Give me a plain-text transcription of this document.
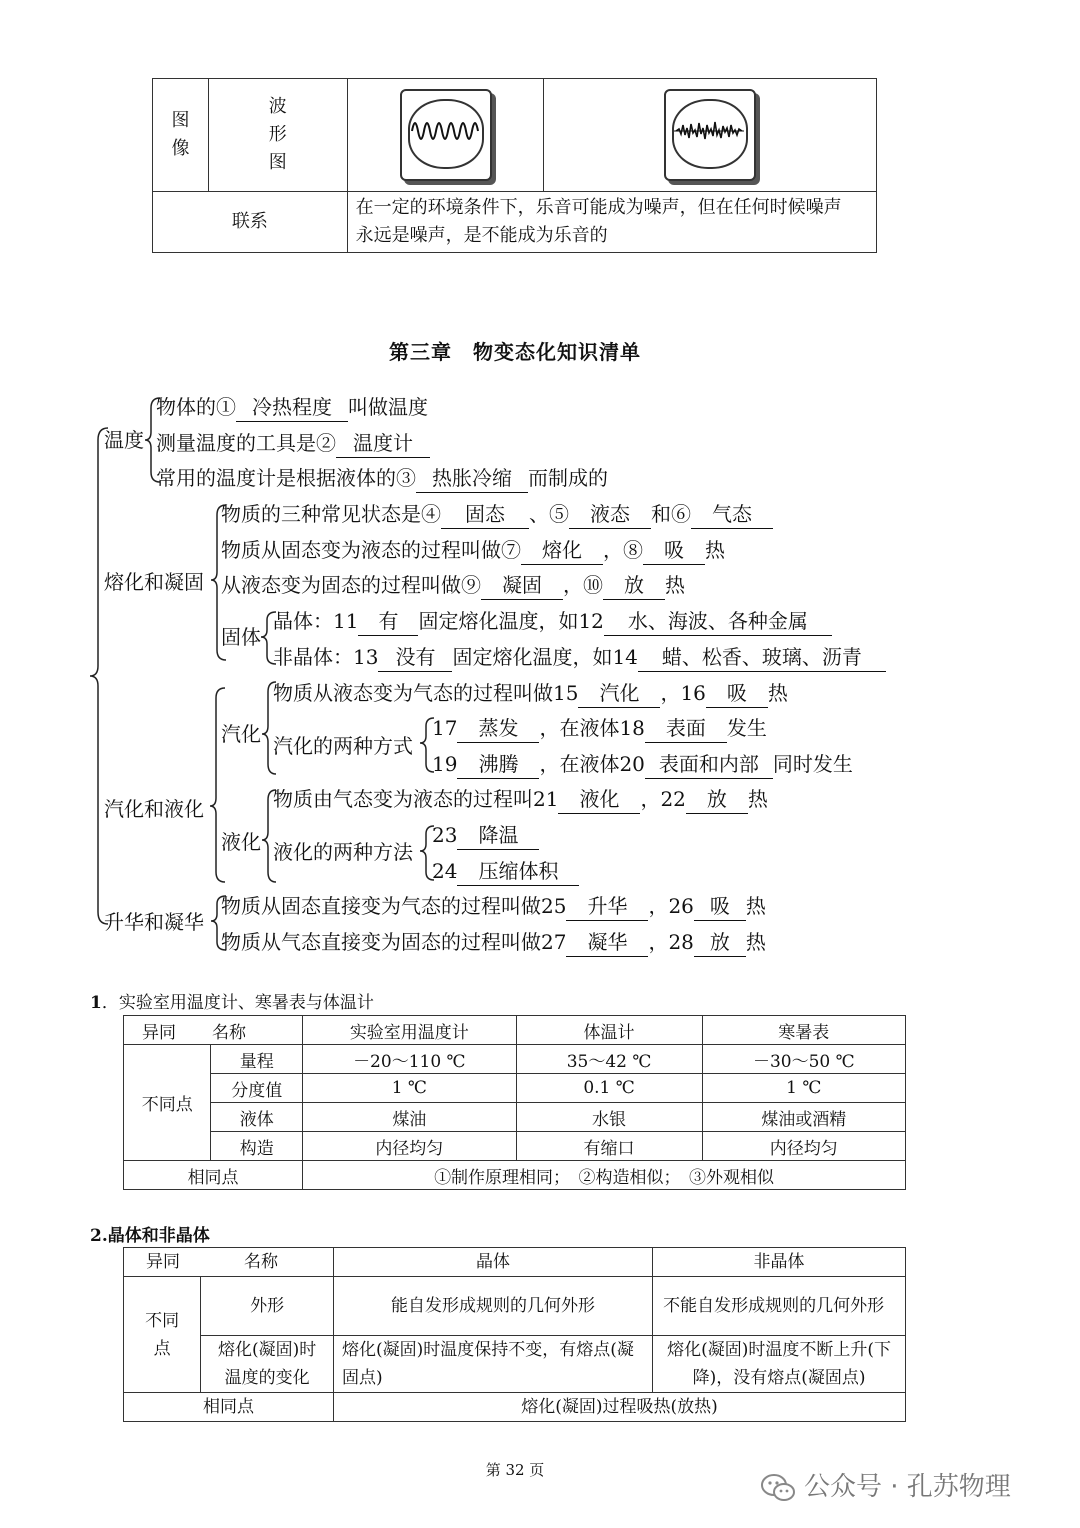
图像	波形图

联系		在一定的环境条件下，乐音可能成为噪声，但在任何时候噪声
永远是噪声，是不能成为乐音的	
第三章　物变态化知识清单
温度
熔化和凝固
固体
汽化
汽化和液化
液化
升华和凝华
物体的① 冷热程度 叫做温度
测量温度的工具是② 温度计
常用的温度计是根据液体的③ 热胀冷缩 而制成的
物质的三种常见状态是④ 固态 、⑤ 液态 和⑥ 气态
物质从固态变为液态的过程叫做⑦ 熔化 ，⑧ 吸 热
从液态变为固态的过程叫做⑨ 凝固 ，⑩ 放 热
晶体：11 有 固定熔化温度，如12 水、海波、各种金属
非晶体：13 没有 固定熔化温度，如14 蜡、松香、玻璃、沥青
物质从液态变为气态的过程叫做15 汽化 ，16 吸 热
汽化的两种方式
17 蒸发 ，在液体18 表面 发生
19 沸腾 ，在液体20 表面和内部 同时发生
物质由气态变为液态的过程叫21 液化 ，22 放 热
液化的两种方法
23 降温
24 压缩体积
物质从固态直接变为气态的过程叫做25 升华 ，26 吸 热
物质从气态直接变为固态的过程叫做27 凝华 ，28 放 热
1．实验室用温度计、寒暑表与体温计
异同 名称		实验室用温度计	体温计	寒暑表
不同点	量程	－20～110 ℃	35～42 ℃	－30～50 ℃
	分度值	1 ℃	0.1 ℃	1 ℃
	液体	煤油	水银	煤油或酒精
	构造	内径均匀	有缩口	内径均匀
相同点		①制作原理相同；　②构造相似；　③外观相似		
2.晶体和非晶体
异同 名称		晶体	非晶体
不同点	外形	能自发形成规则的几何外形	不能自发形成规则的几何外形
	熔化(凝固)时温度的变化	熔化(凝固)时温度保持不变，有熔点(凝固点)	熔化(凝固)时温度不断上升(下降)，没有熔点(凝固点)
相同点		熔化(凝固)过程吸热(放热)	
第 32 页
公众号 · 孔苏物理
